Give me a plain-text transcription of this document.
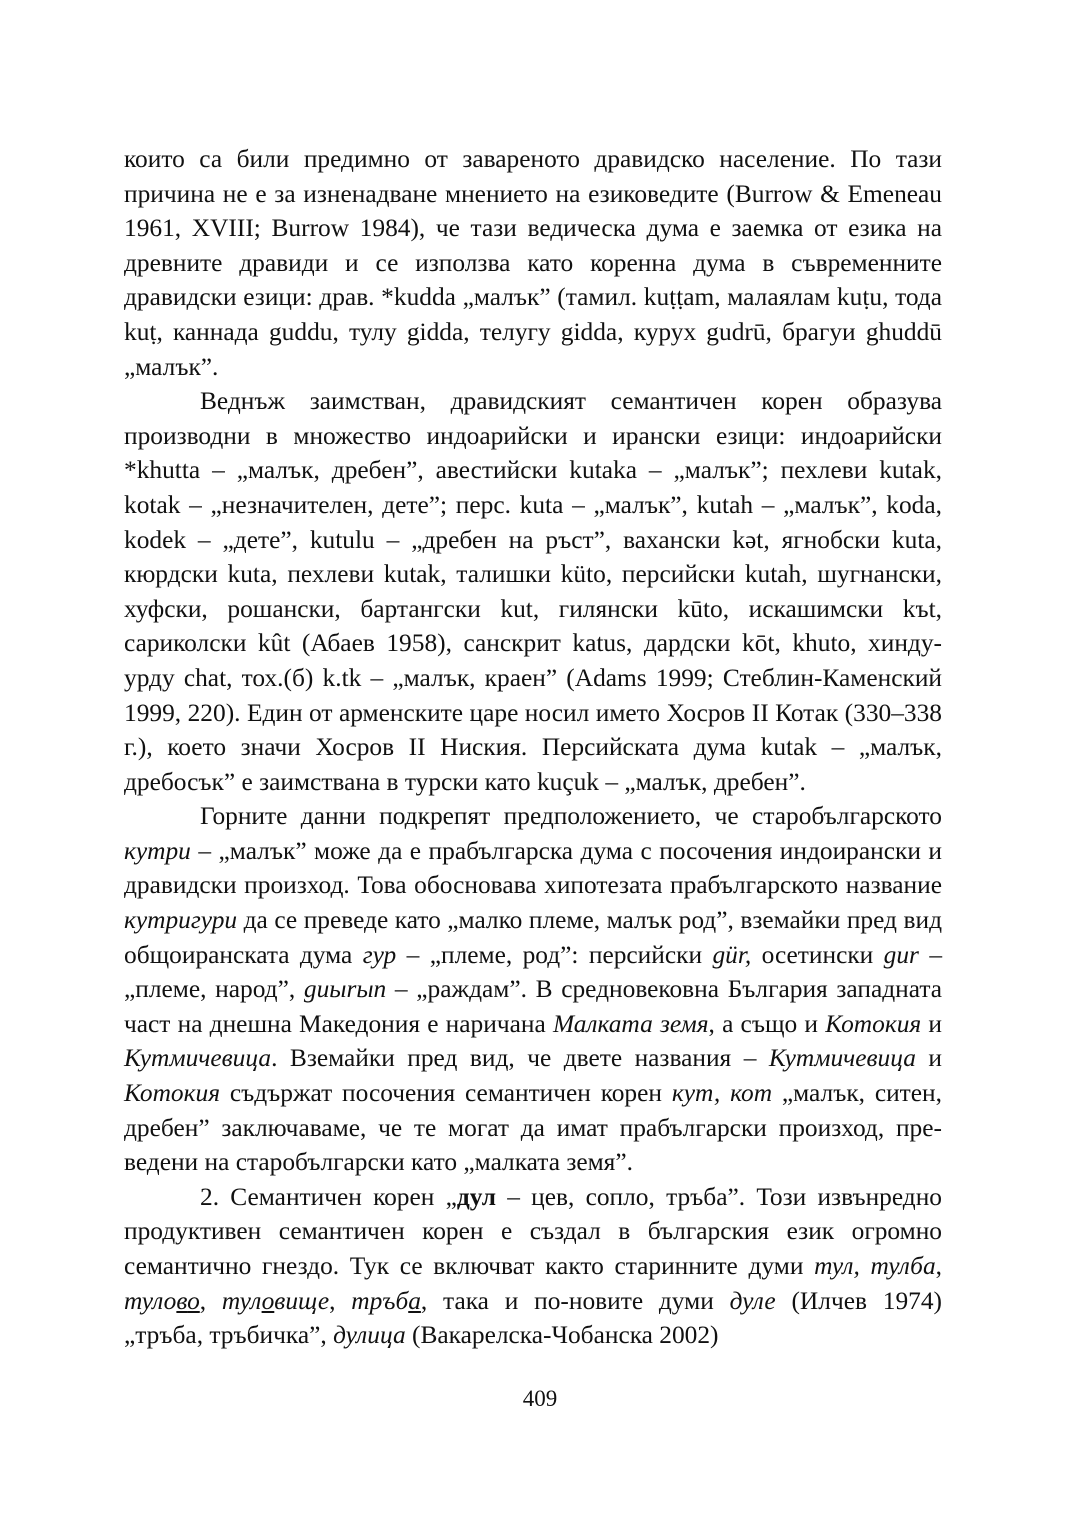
които са били предимно от завареното дравидско население. По тази причина не е за изненадване мнението на езиковедите (Burrow & Emeneau 1961, XVIII; Burrow 1984), че тази ведическа дума е заемка от езика на древните дравиди и се използва като коренна дума в съвременните дравидски езици: драв. *kudda „малък” (тамил. kuṭṭam, малаялам kuṭu, тода kuṭ, каннада guddu, тулу gidda, телугу gidda, курух gudrū, брагуи ghuddū „малък”.

Веднъж заимстван, дравидският семантичен корен образува производни в множество индоарийски и ирански езици: индоарийски *khutta – „малък, дребен”, авестийски kutaka – „малък”; пехлеви kutak, kotak – „незначителен, дете”; перс. kuta – „малък”, kutah – „малък”, koda, kodek – „дете”, kutulu – „дребен на ръст”, вахански kət, ягнобски kuta, кюрдски kuta, пехлеви kutak, талишки küto, персийски kutah, шугнански, хуфски, рошански, бартангски kut, гилянски kūto, искашимски kъt, сариколски kût (Абаев 1958), санскрит katus, дардски kōt, khuto, хинду-урду chat, тох.(б) k.tk – „малък, краен” (Adams 1999; Стеблин-Каменский 1999, 220). Един от арменските царе носил името Хосров II Котак (330–338 г.), което значи Хосров II Ниския. Персийската дума kutak – „малък, дребосък” е заимствана в турски като kuçuk – „малък, дребен”.

Горните данни подкрепят предположението, че старобългарското кутри – „малък” може да е прабългарска дума с посочения индоирански и дравидски произход. Това обосновава хипотезата прабългарското название кутригури да се преведе като „малко племе, малък род”, вземайки пред вид общоиранската дума гур – „племе, род”: персийски gür, осетински gur – „племе, народ”, guыrыn – „раждам”. В средновековна България западната част на днешна Македония е наричана Малката земя, а също и Котокия и Кутмичевица. Вземайки пред вид, че двете названия – Кутмичевица и Котокия съдържат посочения семантичен корен кут, кот „малък, ситен, дребен” заключаваме, че те могат да имат прабългарски произход, преведени на старобългарски като „малката земя”.

2. Семантичен корен „дул – цев, сопло, тръба”. Този извънредно продуктивен семантичен корен е създал в българския език огромно семантично гнездо. Тук се включват както старинните думи тул, тулба, тулово, туловище, тръба, така и по-новите думи дуле (Илчев 1974) „тръба, тръбичка”, дулица (Вакарелска-Чобанска 2002)

409
